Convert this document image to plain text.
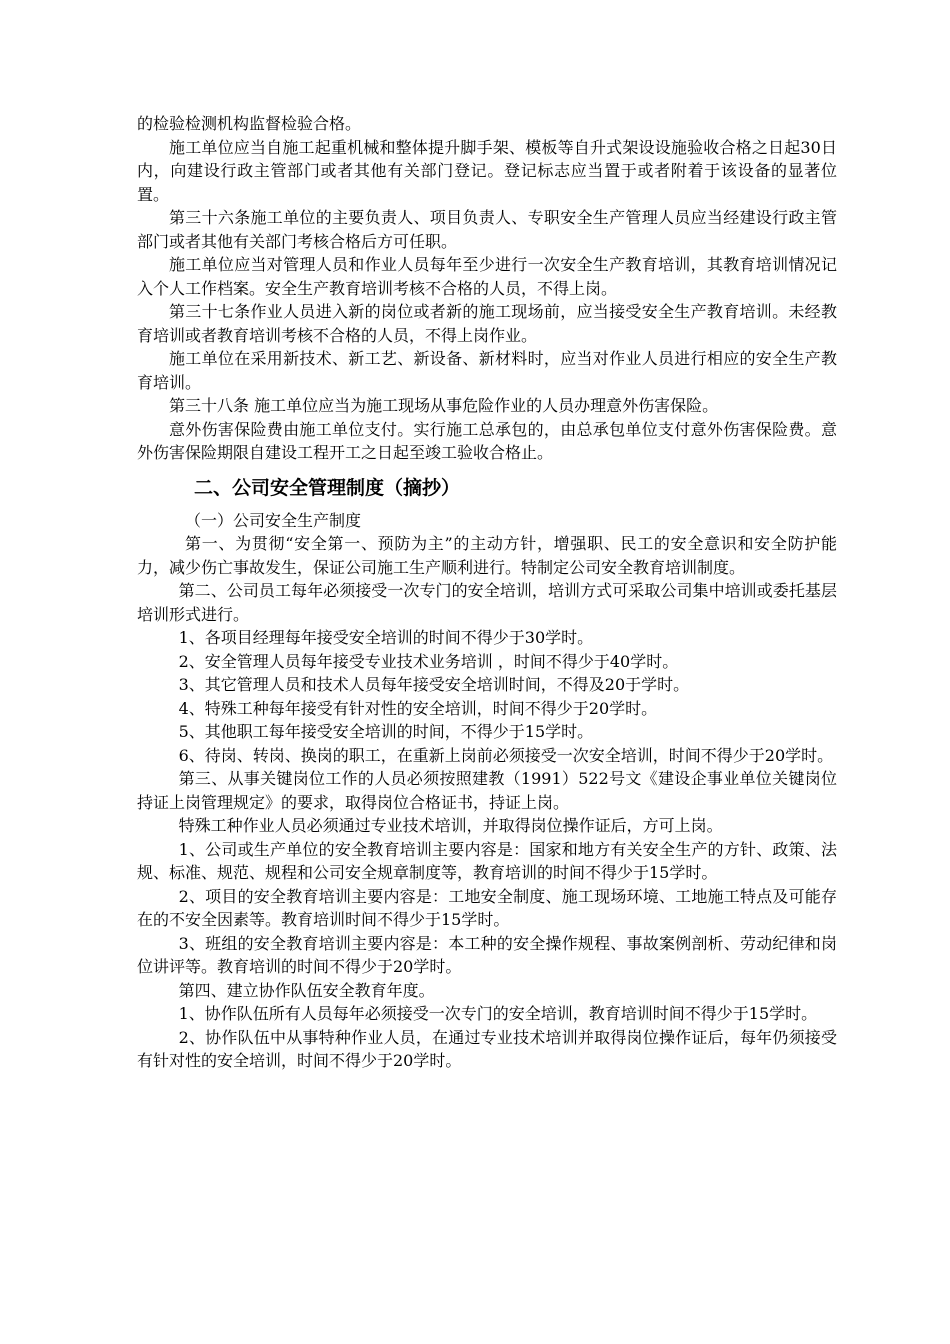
的检验检测机构监督检验合格。

施工单位应当自施工起重机械和整体提升脚手架、模板等自升式架设设施验收合格之日起30日内，向建设行政主管部门或者其他有关部门登记。登记标志应当置于或者附着于该设备的显著位置。

第三十六条施工单位的主要负责人、项目负责人、专职安全生产管理人员应当经建设行政主管部门或者其他有关部门考核合格后方可任职。

施工单位应当对管理人员和作业人员每年至少进行一次安全生产教育培训，其教育培训情况记入个人工作档案。安全生产教育培训考核不合格的人员，不得上岗。

第三十七条作业人员进入新的岗位或者新的施工现场前，应当接受安全生产教育培训。未经教育培训或者教育培训考核不合格的人员，不得上岗作业。

施工单位在采用新技术、新工艺、新设备、新材料时，应当对作业人员进行相应的安全生产教育培训。

第三十八条 施工单位应当为施工现场从事危险作业的人员办理意外伤害保险。

意外伤害保险费由施工单位支付。实行施工总承包的，由总承包单位支付意外伤害保险费。意外伤害保险期限自建设工程开工之日起至竣工验收合格止。

二、公司安全管理制度（摘抄）

（一）公司安全生产制度

第一、为贯彻“安全第一、预防为主”的主动方针，增强职、民工的安全意识和安全防护能力，减少伤亡事故发生，保证公司施工生产顺利进行。特制定公司安全教育培训制度。

第二、公司员工每年必须接受一次专门的安全培训，培训方式可采取公司集中培训或委托基层培训形式进行。

1、各项目经理每年接受安全培训的时间不得少于30学时。

2、安全管理人员每年接受专业技术业务培训 ，时间不得少于40学时。

3、其它管理人员和技术人员每年接受安全培训时间，不得及20于学时。

4、特殊工种每年接受有针对性的安全培训，时间不得少于20学时。

5、其他职工每年接受安全培训的时间，不得少于15学时。

6、待岗、转岗、换岗的职工，在重新上岗前必须接受一次安全培训，时间不得少于20学时。

第三、从事关键岗位工作的人员必须按照建教（1991）522号文《建设企事业单位关键岗位持证上岗管理规定》的要求，取得岗位合格证书，持证上岗。

特殊工种作业人员必须通过专业技术培训，并取得岗位操作证后，方可上岗。

1、公司或生产单位的安全教育培训主要内容是：国家和地方有关安全生产的方针、政策、法规、标准、规范、规程和公司安全规章制度等，教育培训的时间不得少于15学时。

2、项目的安全教育培训主要内容是：工地安全制度、施工现场环境、工地施工特点及可能存在的不安全因素等。教育培训时间不得少于15学时。

3、班组的安全教育培训主要内容是：本工种的安全操作规程、事故案例剖析、劳动纪律和岗位讲评等。教育培训的时间不得少于20学时。

第四、建立协作队伍安全教育年度。

1、协作队伍所有人员每年必须接受一次专门的安全培训，教育培训时间不得少于15学时。

2、协作队伍中从事特种作业人员，在通过专业技术培训并取得岗位操作证后，每年仍须接受有针对性的安全培训，时间不得少于20学时。
